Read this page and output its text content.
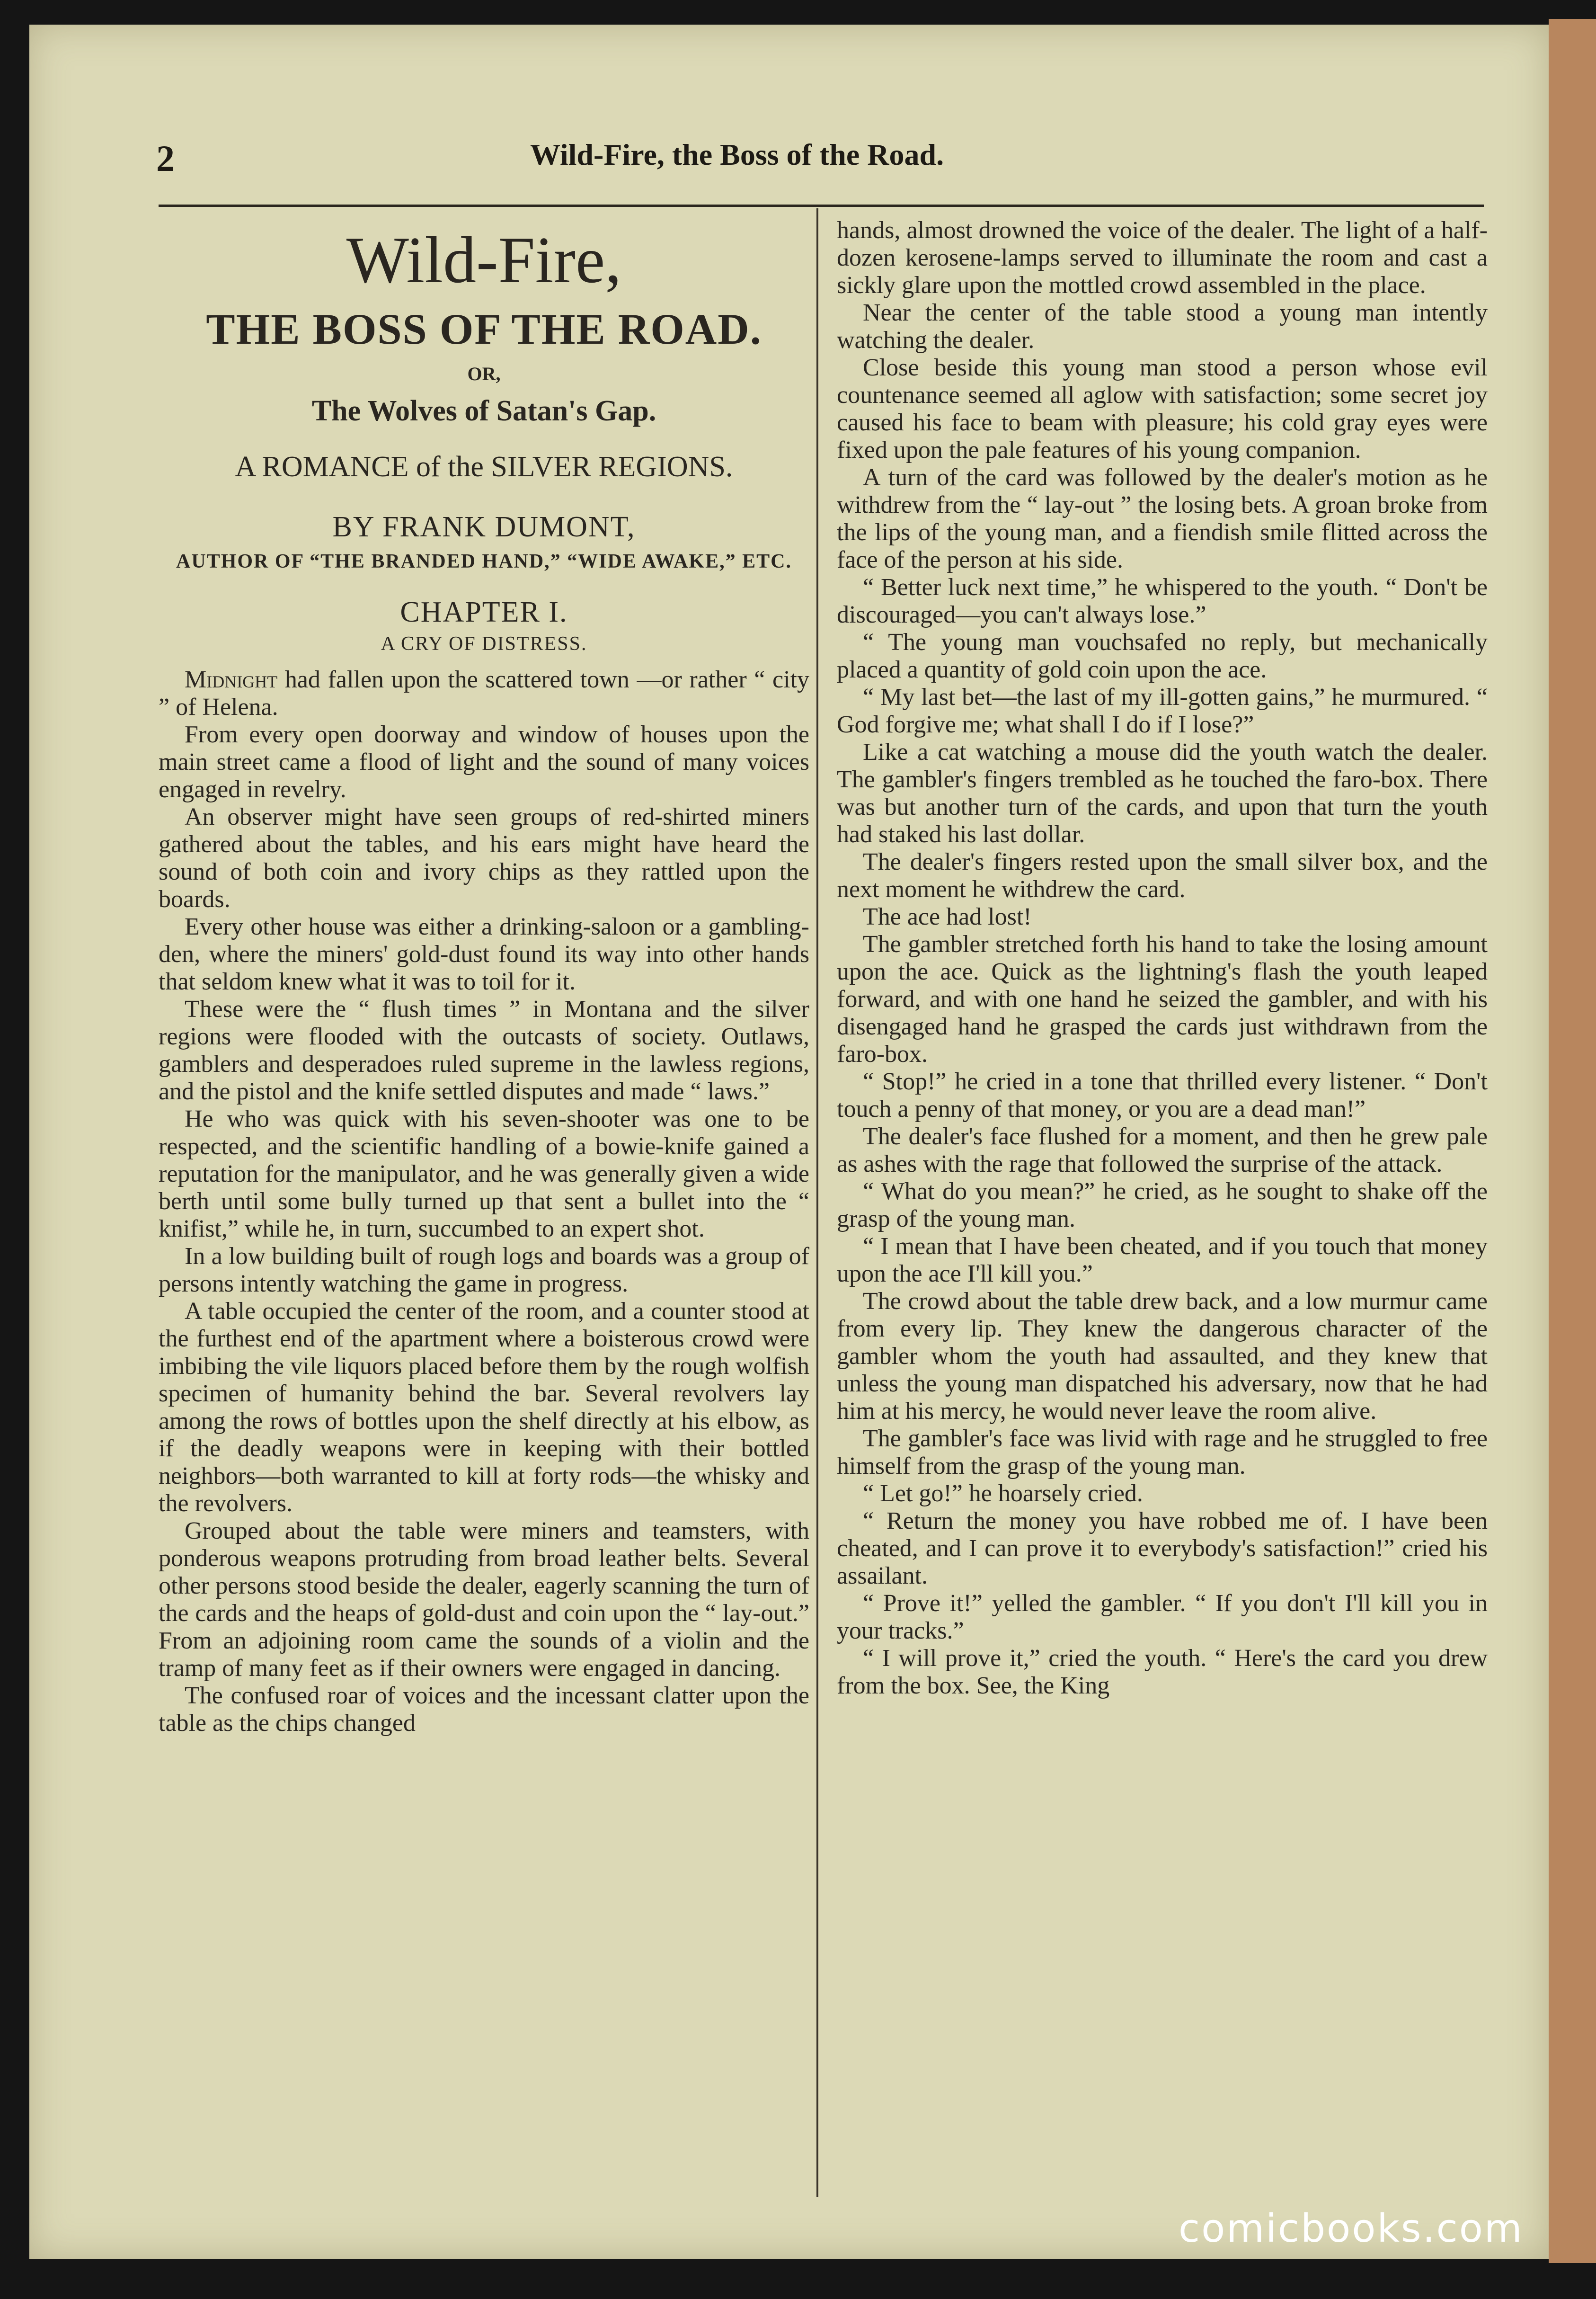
2	Wild-Fire, the Boss of the Road.
Wild-Fire,
THE BOSS OF THE ROAD.
OR,
The Wolves of Satan's Gap.
A ROMANCE of the SILVER REGIONS.
BY FRANK DUMONT,
AUTHOR OF “THE BRANDED HAND,” “WIDE AWAKE,” ETC.
CHAPTER I.
A CRY OF DISTRESS.

Midnight had fallen upon the scattered town —or rather “ city ” of Helena.

From every open doorway and window of houses upon the main street came a flood of light and the sound of many voices engaged in revelry.

An observer might have seen groups of red-shirted miners gathered about the tables, and his ears might have heard the sound of both coin and ivory chips as they rattled upon the boards.

Every other house was either a drinking-saloon or a gambling-den, where the miners' gold-dust found its way into other hands that seldom knew what it was to toil for it.

These were the “ flush times ” in Montana and the silver regions were flooded with the outcasts of society. Outlaws, gamblers and desperadoes ruled supreme in the lawless regions, and the pistol and the knife settled disputes and made “ laws.”

He who was quick with his seven-shooter was one to be respected, and the scientific handling of a bowie-knife gained a reputation for the manipulator, and he was generally given a wide berth until some bully turned up that sent a bullet into the “ knifist,” while he, in turn, succumbed to an expert shot.

In a low building built of rough logs and boards was a group of persons intently watching the game in progress.

A table occupied the center of the room, and a counter stood at the furthest end of the apartment where a boisterous crowd were imbibing the vile liquors placed before them by the rough wolfish specimen of humanity behind the bar. Several revolvers lay among the rows of bottles upon the shelf directly at his elbow, as if the deadly weapons were in keeping with their bottled neighbors—both warranted to kill at forty rods—the whisky and the revolvers.

Grouped about the table were miners and teamsters, with ponderous weapons protruding from broad leather belts. Several other persons stood beside the dealer, eagerly scanning the turn of the cards and the heaps of gold-dust and coin upon the “ lay-out.” From an adjoining room came the sounds of a violin and the tramp of many feet as if their owners were engaged in dancing.

The confused roar of voices and the incessant clatter upon the table as the chips changed

hands, almost drowned the voice of the dealer. The light of a half-dozen kerosene-lamps served to illuminate the room and cast a sickly glare upon the mottled crowd assembled in the place.

Near the center of the table stood a young man intently watching the dealer.

Close beside this young man stood a person whose evil countenance seemed all aglow with satisfaction; some secret joy caused his face to beam with pleasure; his cold gray eyes were fixed upon the pale features of his young companion.

A turn of the card was followed by the dealer's motion as he withdrew from the “ lay-out ” the losing bets. A groan broke from the lips of the young man, and a fiendish smile flitted across the face of the person at his side.

“ Better luck next time,” he whispered to the youth. “ Don't be discouraged—you can't always lose.”

“ The young man vouchsafed no reply, but mechanically placed a quantity of gold coin upon the ace.

“ My last bet—the last of my ill-gotten gains,” he murmured. “ God forgive me; what shall I do if I lose?”

Like a cat watching a mouse did the youth watch the dealer. The gambler's fingers trembled as he touched the faro-box. There was but another turn of the cards, and upon that turn the youth had staked his last dollar.

The dealer's fingers rested upon the small silver box, and the next moment he withdrew the card.

The ace had lost!

The gambler stretched forth his hand to take the losing amount upon the ace. Quick as the lightning's flash the youth leaped forward, and with one hand he seized the gambler, and with his disengaged hand he grasped the cards just withdrawn from the faro-box.

“ Stop!” he cried in a tone that thrilled every listener. “ Don't touch a penny of that money, or you are a dead man!”

The dealer's face flushed for a moment, and then he grew pale as ashes with the rage that followed the surprise of the attack.

“ What do you mean?” he cried, as he sought to shake off the grasp of the young man.

“ I mean that I have been cheated, and if you touch that money upon the ace I'll kill you.”

The crowd about the table drew back, and a low murmur came from every lip. They knew the dangerous character of the gambler whom the youth had assaulted, and they knew that unless the young man dispatched his adversary, now that he had him at his mercy, he would never leave the room alive.

The gambler's face was livid with rage and he struggled to free himself from the grasp of the young man.

“ Let go!” he hoarsely cried.

“ Return the money you have robbed me of. I have been cheated, and I can prove it to everybody's satisfaction!” cried his assailant.

“ Prove it!” yelled the gambler. “ If you don't I'll kill you in your tracks.”

“ I will prove it,” cried the youth. “ Here's the card you drew from the box. See, the King

comicbooks.com
